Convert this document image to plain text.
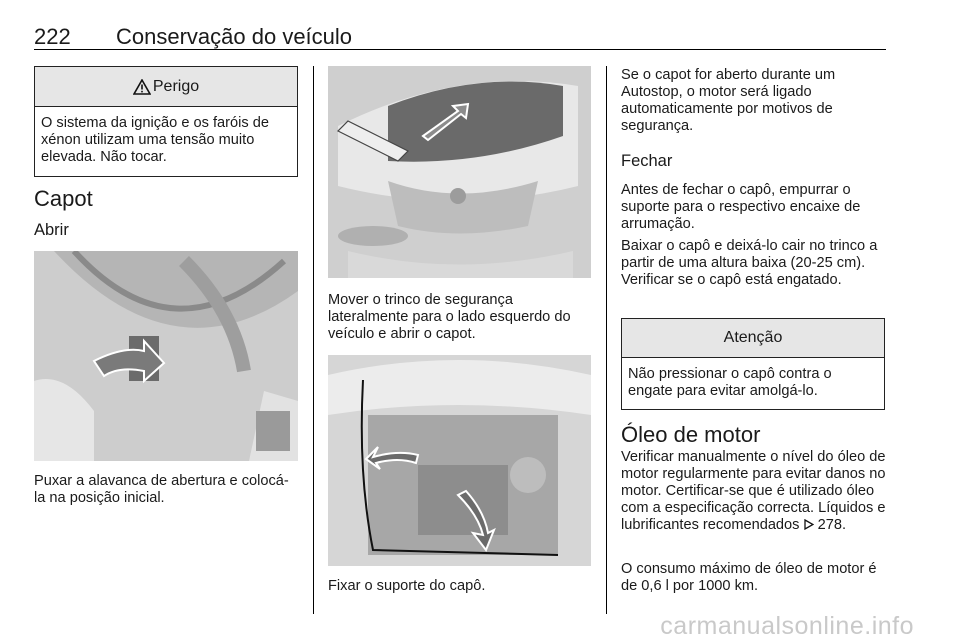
222 Conservação do veículo
Perigo
O sistema da ignição e os faróis de xénon utilizam uma tensão muito elevada. Não tocar.
Capot
Abrir

Puxar a alavanca de abertura e colocá-la na posição inicial.

Mover o trinco de segurança lateralmente para o lado esquerdo do veículo e abrir o capot.

Fixar o suporte do capô.

Se o capot for aberto durante um Autostop, o motor será ligado automaticamente por motivos de segurança.

Fechar

Antes de fechar o capô, empurrar o suporte para o respectivo encaixe de arrumação.

Baixar o capô e deixá-lo cair no trinco a partir de uma altura baixa (20-25 cm). Verificar se o capô está engatado.

Atenção
Não pressionar o capô contra o engate para evitar amolgá-lo.
Óleo de motor

Verificar manualmente o nível do óleo de motor regularmente para evitar danos no motor. Certificar-se que é utilizado óleo com a especificação correcta. Líquidos e lubrificantes recomendados 278.

O consumo máximo de óleo de motor é de 0,6 l por 1000 km.

carmanualsonline.info
